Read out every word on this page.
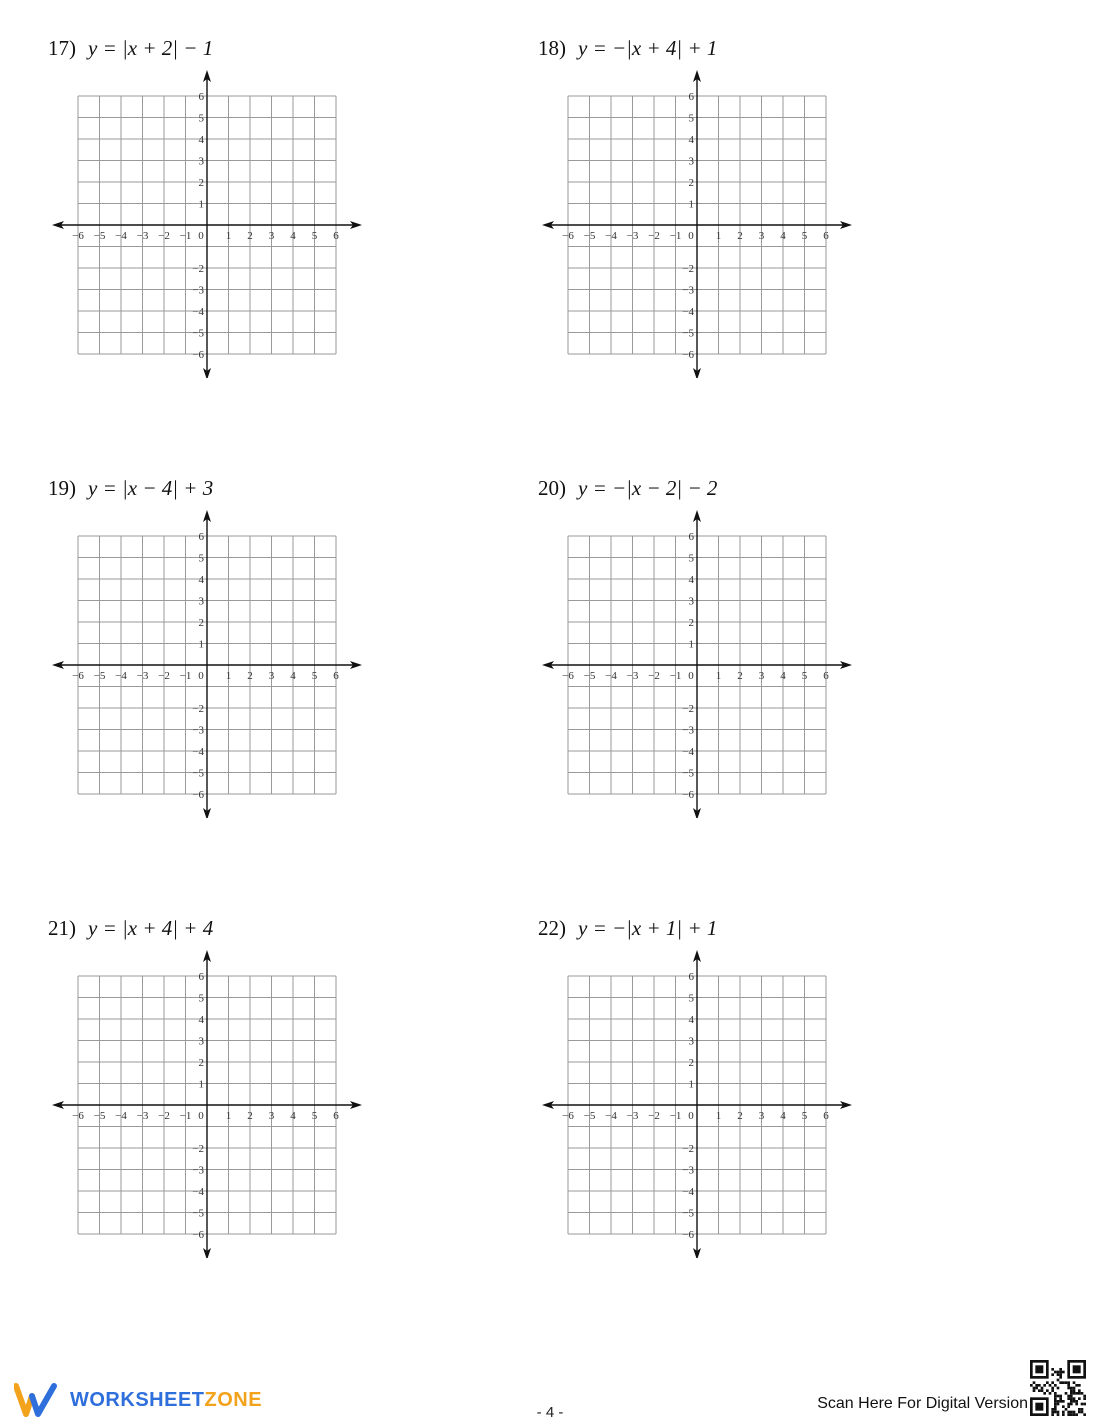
17) y = |x + 2| − 1
−6 −5 −4 −3 −2 −1 0 1 2 3 4 5 6
6
5
4
3
2
1
−2
−3
−4
−5
−6
18) y = −|x + 4| + 1
−6 −5 −4 −3 −2 −1 0 1 2 3 4 5 6
6
5
4
3
2
1
−2
−3
−4
−5
−6
19) y = |x − 4| + 3
−6 −5 −4 −3 −2 −1 0 1 2 3 4 5 6
6
5
4
3
2
1
−2
−3
−4
−5
−6
20) y = −|x − 2| − 2
−6 −5 −4 −3 −2 −1 0 1 2 3 4 5 6
6
5
4
3
2
1
−2
−3
−4
−5
−6
21) y = |x + 4| + 4
−6 −5 −4 −3 −2 −1 0 1 2 3 4 5 6
6
5
4
3
2
1
−2
−3
−4
−5
−6
22) y = −|x + 1| + 1
−6 −5 −4 −3 −2 −1 0 1 2 3 4 5 6
6
5
4
3
2
1
−2
−3
−4
−5
−6
WORKSHEETZONE
- 4 -
Scan Here For Digital Version
